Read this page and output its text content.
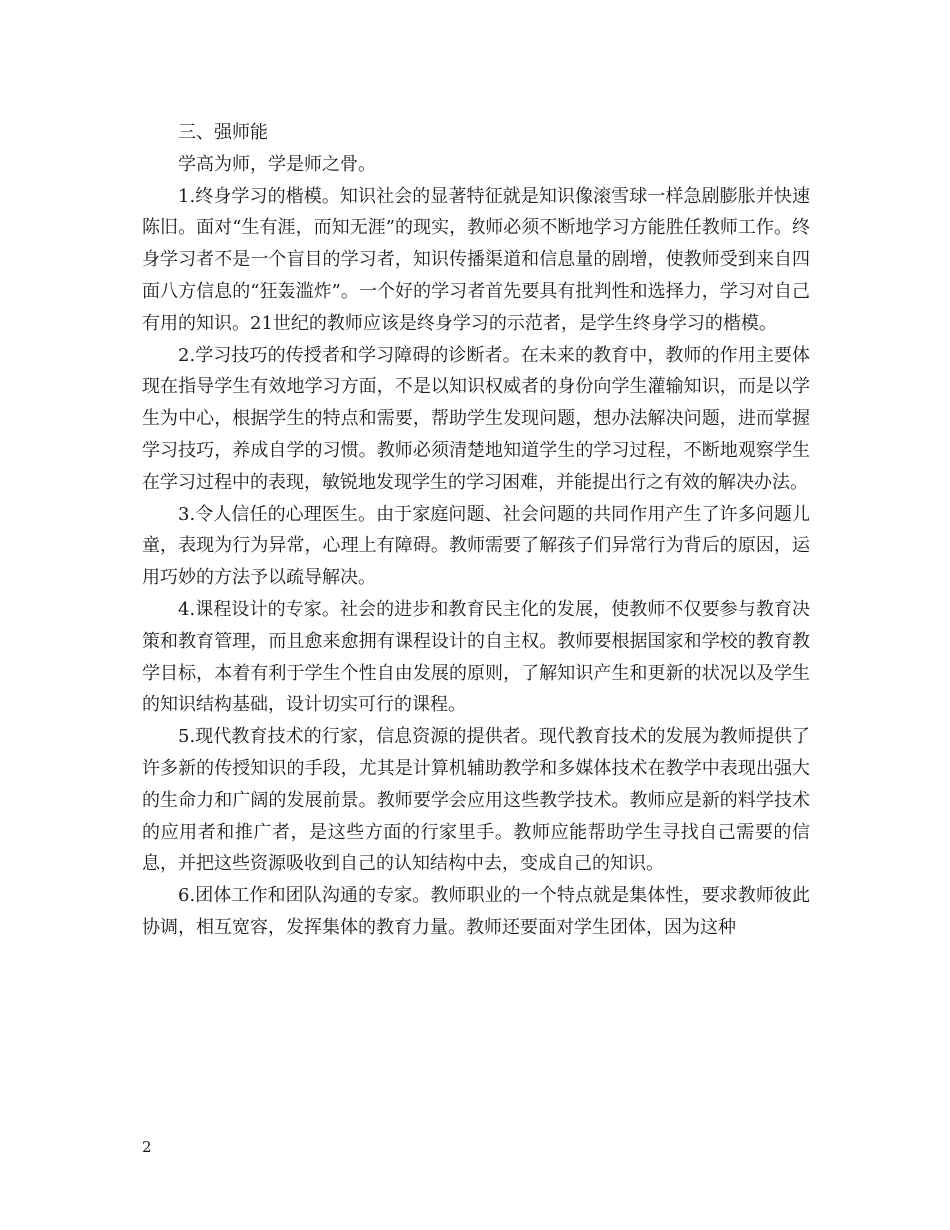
三、强师能

学高为师，学是师之骨。

1.终身学习的楷模。知识社会的显著特征就是知识像滚雪球一样急剧膨胀并快速陈旧。面对“生有涯，而知无涯”的现实，教师必须不断地学习方能胜任教师工作。终身学习者不是一个盲目的学习者，知识传播渠道和信息量的剧增，使教师受到来自四面八方信息的“狂轰滥炸”。一个好的学习者首先要具有批判性和选择力，学习对自己有用的知识。21世纪的教师应该是终身学习的示范者，是学生终身学习的楷模。

2.学习技巧的传授者和学习障碍的诊断者。在未来的教育中，教师的作用主要体现在指导学生有效地学习方面，不是以知识权威者的身份向学生灌输知识，而是以学生为中心，根据学生的特点和需要，帮助学生发现问题，想办法解决问题，进而掌握学习技巧，养成自学的习惯。教师必须清楚地知道学生的学习过程，不断地观察学生在学习过程中的表现，敏锐地发现学生的学习困难，并能提出行之有效的解决办法。

3.令人信任的心理医生。由于家庭问题、社会问题的共同作用产生了许多问题儿童，表现为行为异常，心理上有障碍。教师需要了解孩子们异常行为背后的原因，运用巧妙的方法予以疏导解决。

4.课程设计的专家。社会的进步和教育民主化的发展，使教师不仅要参与教育决策和教育管理，而且愈来愈拥有课程设计的自主权。教师要根据国家和学校的教育教学目标，本着有利于学生个性自由发展的原则，了解知识产生和更新的状况以及学生的知识结构基础，设计切实可行的课程。

5.现代教育技术的行家，信息资源的提供者。现代教育技术的发展为教师提供了许多新的传授知识的手段，尤其是计算机辅助教学和多媒体技术在教学中表现出强大的生命力和广阔的发展前景。教师要学会应用这些教学技术。教师应是新的料学技术的应用者和推广者，是这些方面的行家里手。教师应能帮助学生寻找自己需要的信息，并把这些资源吸收到自己的认知结构中去，变成自己的知识。

6.团体工作和团队沟通的专家。教师职业的一个特点就是集体性，要求教师彼此协调，相互宽容，发挥集体的教育力量。教师还要面对学生团体，因为这种

2
